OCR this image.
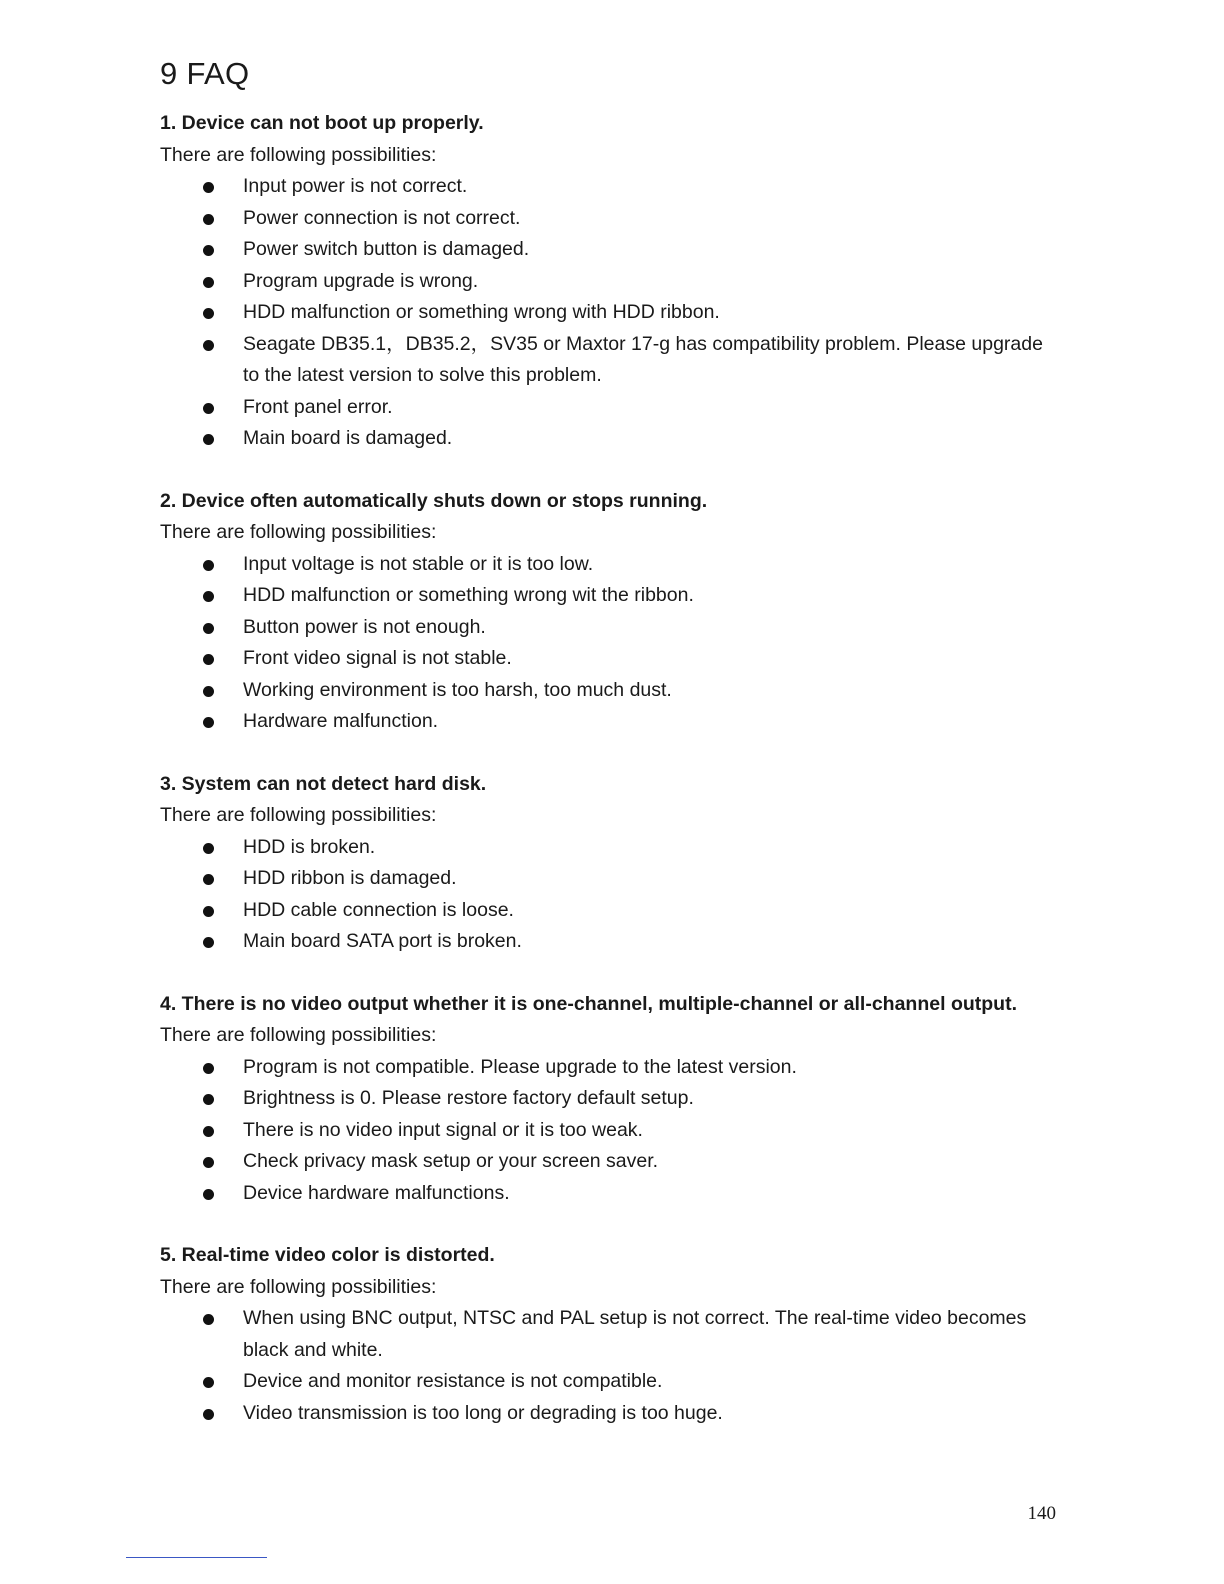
9 FAQ

1. Device can not boot up properly.

There are following possibilities:

Input power is not correct.
Power connection is not correct.
Power switch button is damaged.
Program upgrade is wrong.
HDD malfunction or something wrong with HDD ribbon.
Seagate DB35.1，DB35.2，SV35 or Maxtor 17-g has compatibility problem. Please upgrade to the latest version to solve this problem.
Front panel error.
Main board is damaged.

2. Device often automatically shuts down or stops running.

There are following possibilities:

Input voltage is not stable or it is too low.
HDD malfunction or something wrong wit the ribbon.
Button power is not enough.
Front video signal is not stable.
Working environment is too harsh, too much dust.
Hardware malfunction.

3. System can not detect hard disk.

There are following possibilities:

HDD is broken.
HDD ribbon is damaged.
HDD cable connection is loose.
Main board SATA port is broken.

4. There is no video output whether it is one-channel, multiple-channel or all-channel output.

There are following possibilities:

Program is not compatible. Please upgrade to the latest version.
Brightness is 0. Please restore factory default setup.
There is no video input signal or it is too weak.
Check privacy mask setup or your screen saver.
Device hardware malfunctions.

5. Real-time video color is distorted.

There are following possibilities:

When using BNC output, NTSC and PAL setup is not correct. The real-time video becomes black and white.
Device and monitor resistance is not compatible.
Video transmission is too long or degrading is too huge.
140
